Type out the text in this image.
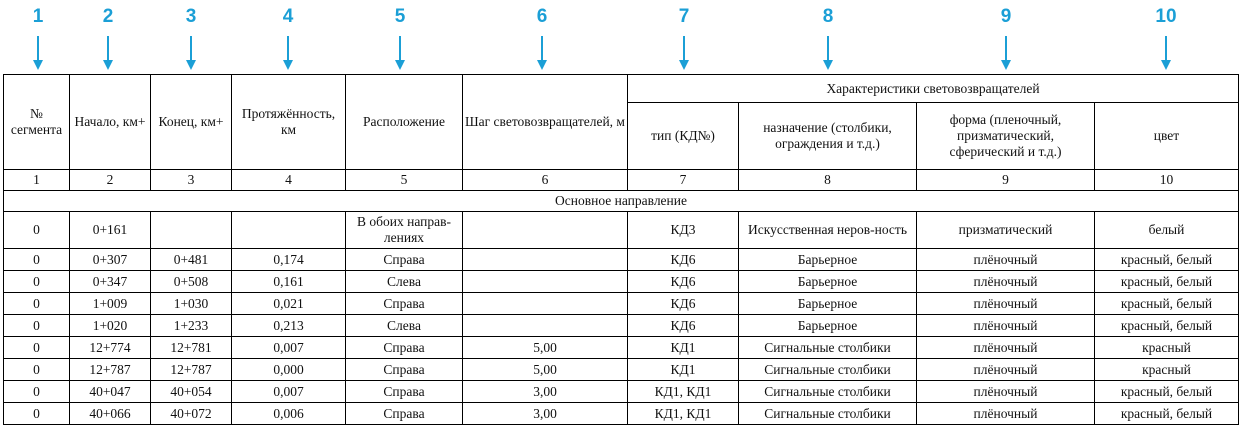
1	2	3	4	5	6	7	8	9	10
№ сегмента	Начало, км+	Конец, км+	Протяжённость, км	Расположение	Шаг световозвращателей, м	Характеристики световозвращателей			
						тип (КД№)	назначение (столбики, ограждения и т.д.)	форма (пленочный, призматический, сферический и т.д.)	цвет
1	2	3	4	5	6	7	8	9	10
Основное направление									
0	0+161			В обоих направ-лениях		КД3	Искусственная неров-ность	призматический	белый
0	0+307	0+481	0,174	Справа		КД6	Барьерное	плёночный	красный, белый
0	0+347	0+508	0,161	Слева		КД6	Барьерное	плёночный	красный, белый
0	1+009	1+030	0,021	Справа		КД6	Барьерное	плёночный	красный, белый
0	1+020	1+233	0,213	Слева		КД6	Барьерное	плёночный	красный, белый
0	12+774	12+781	0,007	Справа	5,00	КД1	Сигнальные столбики	плёночный	красный
0	12+787	12+787	0,000	Справа	5,00	КД1	Сигнальные столбики	плёночный	красный
0	40+047	40+054	0,007	Справа	3,00	КД1, КД1	Сигнальные столбики	плёночный	красный, белый
0	40+066	40+072	0,006	Справа	3,00	КД1, КД1	Сигнальные столбики	плёночный	красный, белый
